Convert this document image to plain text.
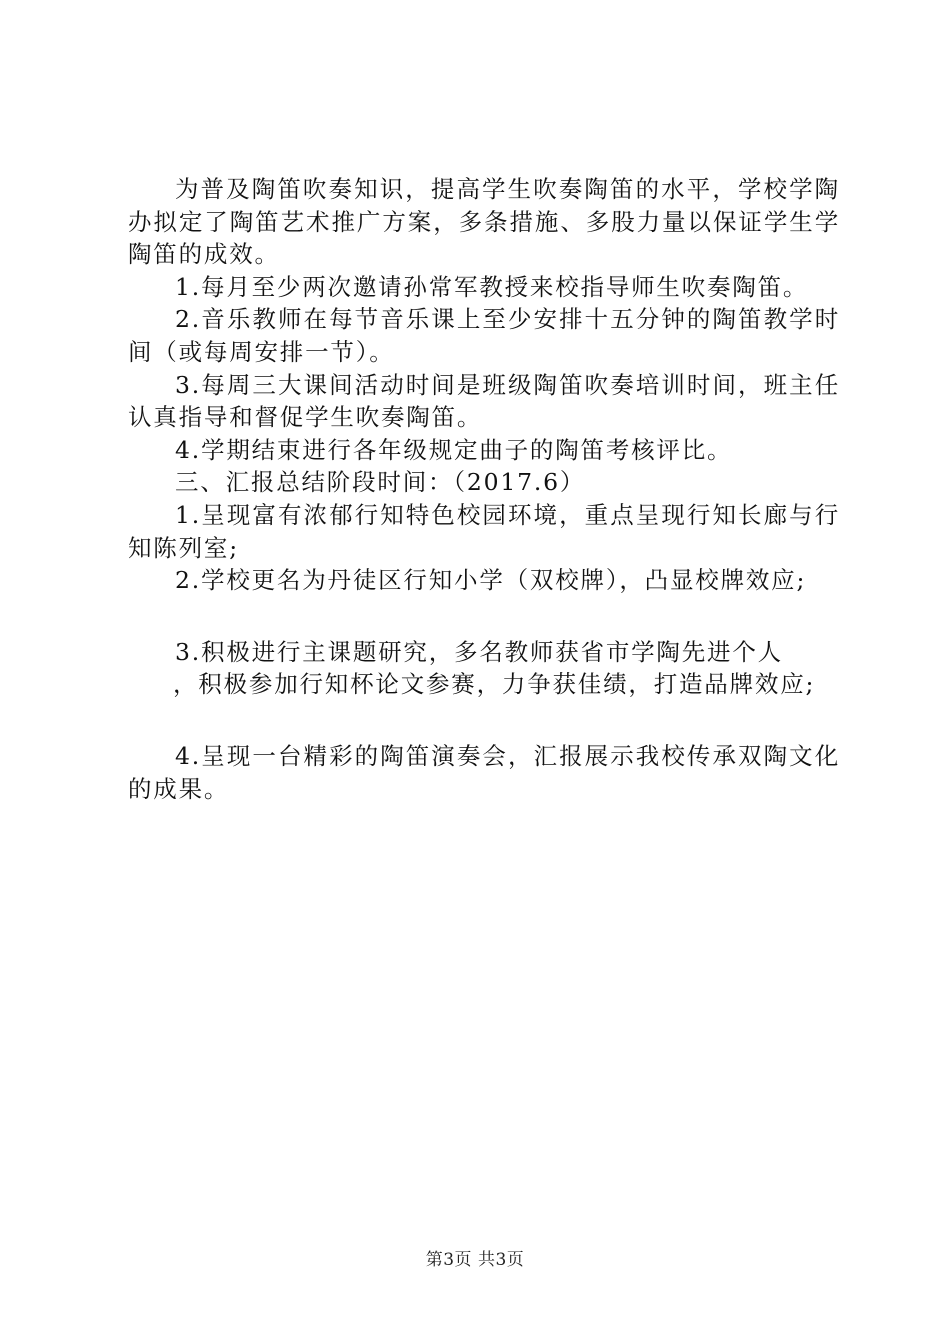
为普及陶笛吹奏知识，提高学生吹奏陶笛的水平，学校学陶办拟定了陶笛艺术推广方案，多条措施、多股力量以保证学生学陶笛的成效。

1.每月至少两次邀请孙常军教授来校指导师生吹奏陶笛。

2.音乐教师在每节音乐课上至少安排十五分钟的陶笛教学时间（或每周安排一节）。

3.每周三大课间活动时间是班级陶笛吹奏培训时间，班主任认真指导和督促学生吹奏陶笛。

4.学期结束进行各年级规定曲子的陶笛考核评比。

三、汇报总结阶段时间：（2017.6）

1.呈现富有浓郁行知特色校园环境，重点呈现行知长廊与行知陈列室;

2.学校更名为丹徒区行知小学（双校牌），凸显校牌效应;

3.积极进行主课题研究，多名教师获省市学陶先进个人

，积极参加行知杯论文参赛，力争获佳绩，打造品牌效应;

4.呈现一台精彩的陶笛演奏会，汇报展示我校传承双陶文化的成果。

第3页 共3页
